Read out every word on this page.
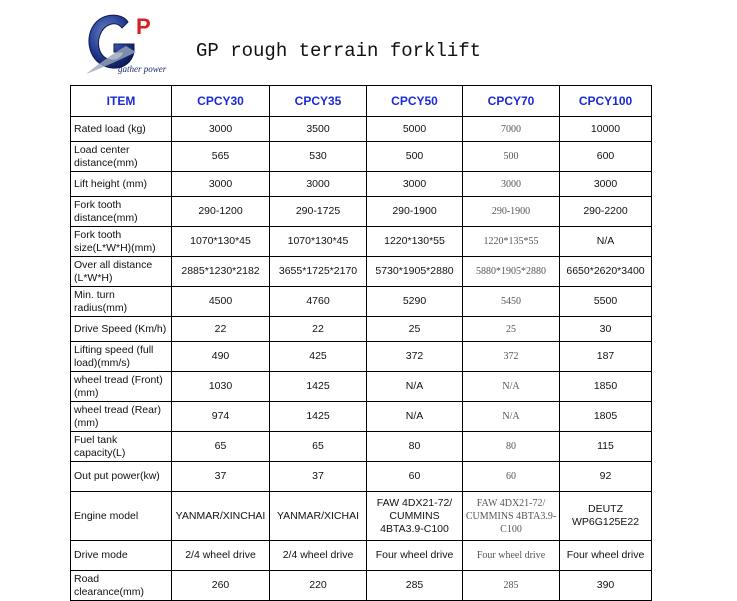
P
gather power
GP rough terrain forklift
ITEM	CPCY30	CPCY35	CPCY50	CPCY70	CPCY100
Rated load (kg)	3000	3500	5000	7000	10000
Load center distance(mm)	565	530	500	500	600
Lift height (mm)	3000	3000	3000	3000	3000
Fork tooth distance(mm)	290-1200	290-1725	290-1900	290-1900	290-2200
Fork tooth size(L*W*H)(mm)	1070*130*45	1070*130*45	1220*130*55	1220*135*55	N/A
Over all distance (L*W*H)	2885*1230*2182	3655*1725*2170	5730*1905*2880	5880*1905*2880	6650*2620*3400
Min. turn radius(mm)	4500	4760	5290	5450	5500
Drive Speed (Km/h)	22	22	25	25	30
Lifting speed (full load)(mm/s)	490	425	372	372	187
wheel tread (Front)(mm)	1030	1425	N/A	N/A	1850
wheel tread (Rear)(mm)	974	1425	N/A	N/A	1805
Fuel tank capacity(L)	65	65	80	80	115
Out put power(kw)	37	37	60	60	92
Engine model	YANMAR/XINCHAI	YANMAR/XICHAI	FAW 4DX21-72/ CUMMINS 4BTA3.9-C100	FAW 4DX21-72/ CUMMINS 4BTA3.9-C100	DEUTZ WP6G125E22
Drive mode	2/4 wheel drive	2/4 wheel drive	Four wheel drive	Four wheel drive	Four wheel drive
Road clearance(mm)	260	220	285	285	390
